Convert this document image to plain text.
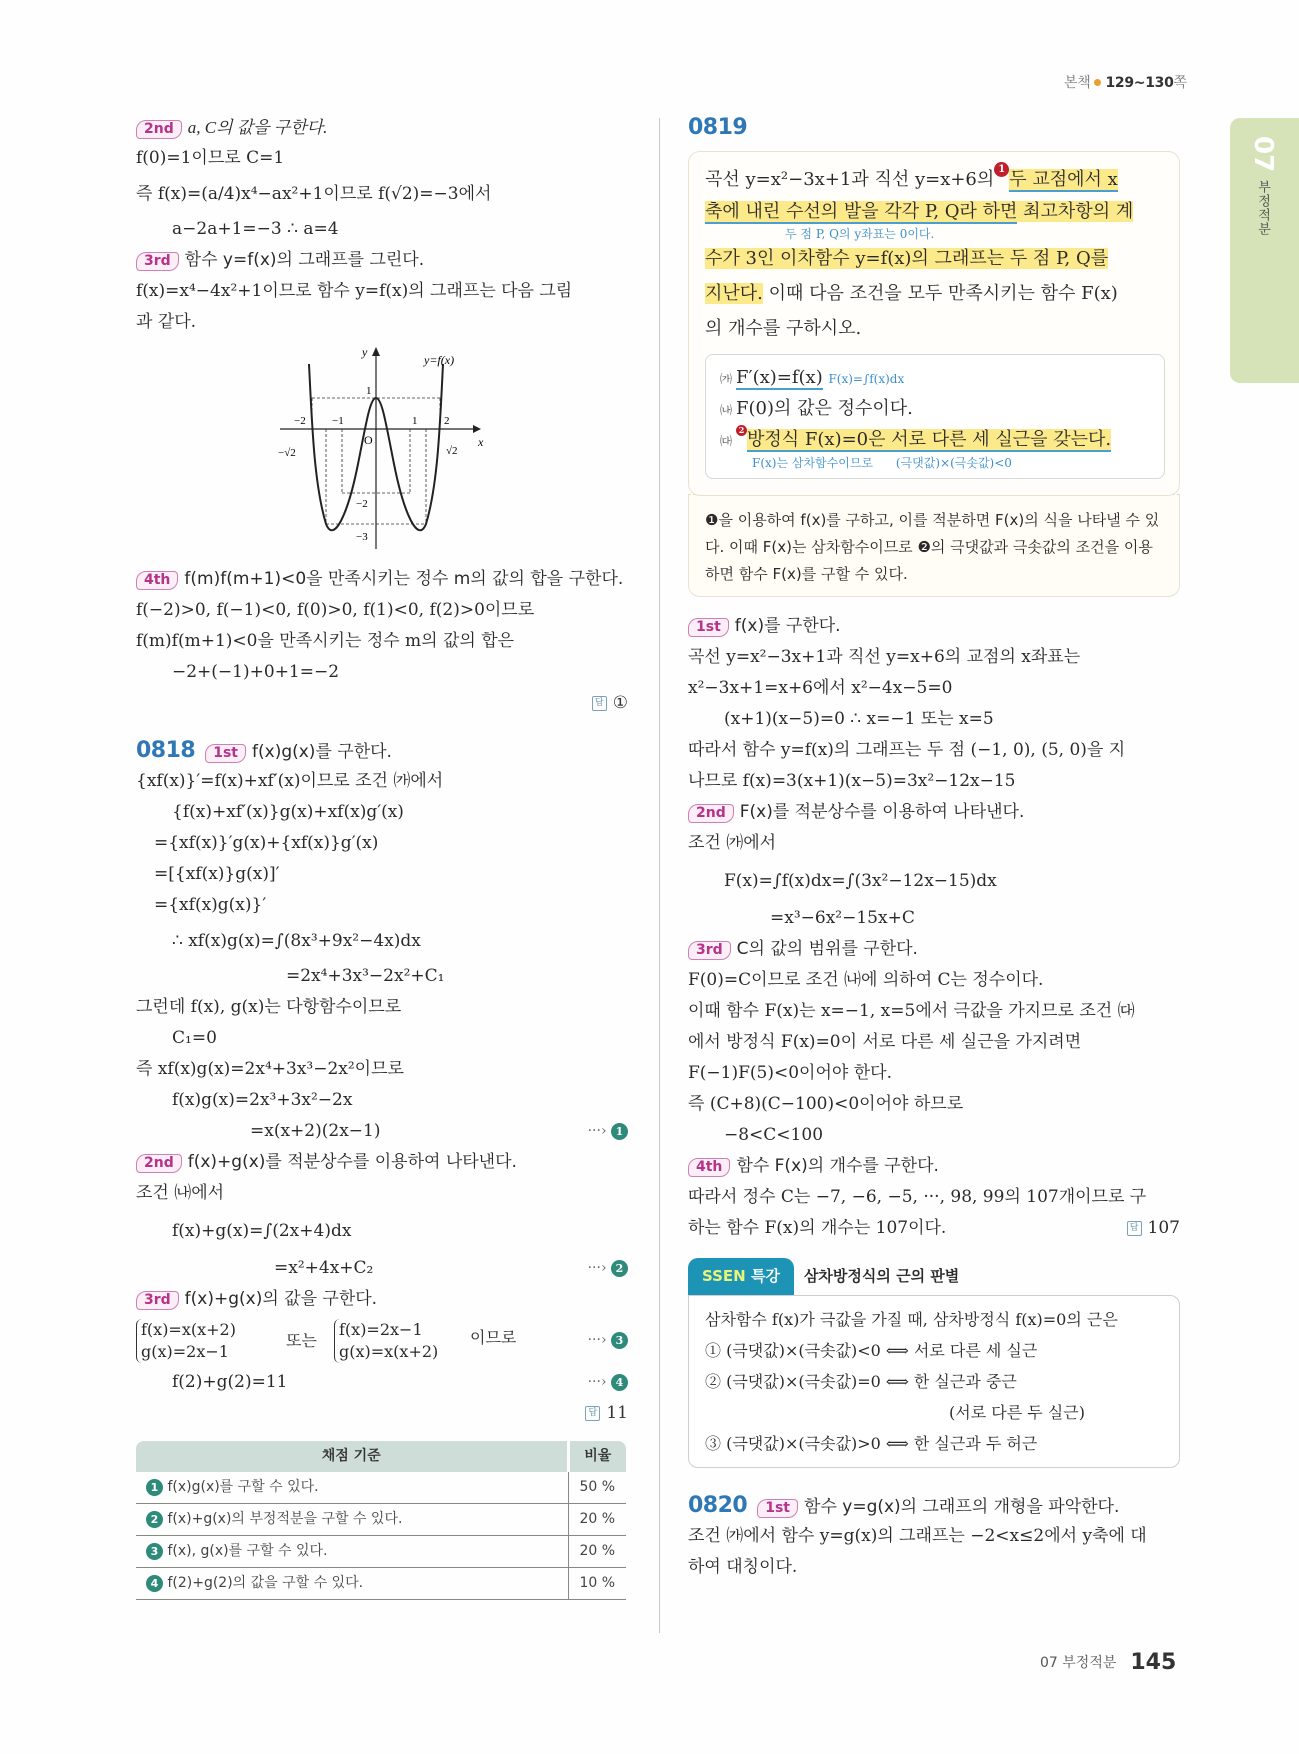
본책 129~130쪽
07
부정적분
2nd a, C의 값을 구한다.
f(0)=1이므로 C=1
즉 f(x)=(a/4)x⁴−ax²+1이므로 f(√2)=−3에서
a−2a+1=−3 ∴ a=4
3rd 함수 y=f(x)의 그래프를 그린다.
f(x)=x⁴−4x²+1이므로 함수 y=f(x)의 그래프는 다음 그림
과 같다.
y
x
y=f(x)
O
1
−2 −1	1 2
−2
−3
−√2	√2
4th f(m)f(m+1)<0을 만족시키는 정수 m의 값의 합을 구한다.
f(−2)>0, f(−1)<0, f(0)>0, f(1)<0, f(2)>0이므로
f(m)f(m+1)<0을 만족시키는 정수 m의 값의 합은
−2+(−1)+0+1=−2
답 ①
0818 1st f(x)g(x)를 구한다.
{xf(x)}′=f(x)+xf′(x)이므로 조건 ㈎에서
{f(x)+xf′(x)}g(x)+xf(x)g′(x)
={xf(x)}′g(x)+{xf(x)}g′(x)
=[{xf(x)}g(x)]′
={xf(x)g(x)}′
∴ xf(x)g(x)=∫(8x³+9x²−4x)dx
=2x⁴+3x³−2x²+C₁
그런데 f(x), g(x)는 다항함수이므로
C₁=0
즉 xf(x)g(x)=2x⁴+3x³−2x²이므로
f(x)g(x)=2x³+3x²−2x
=x(x+2)(2x−1)	···› 1
2nd f(x)+g(x)를 적분상수를 이용하여 나타낸다.
조건 ㈏에서
f(x)+g(x)=∫(2x+4)dx
=x²+4x+C₂	···› 2
3rd f(x)+g(x)의 값을 구한다.
f(x)=x(x+2)
g(x)=2x−1
또는
f(x)=2x−1
g(x)=x(x+2)
이므로	···› 3
f(2)+g(2)=11	···› 4
답 11
채점 기준	비율
1 f(x)g(x)를 구할 수 있다.	50 %
2 f(x)+g(x)의 부정적분을 구할 수 있다.	20 %
3 f(x), g(x)를 구할 수 있다.	20 %
4 f(2)+g(2)의 값을 구할 수 있다.	10 %
0819
곡선 y=x²−3x+1과 직선 y=x+6의 1 두 교점에서 x
축에 내린 수선의 발을 각각 P, Q라 하면 최고차항의 계
두 점 P, Q의 y좌표는 0이다.
수가 3인 이차함수 y=f(x)의 그래프는 두 점 P, Q를
지난다. 이때 다음 조건을 모두 만족시키는 함수 F(x)
의 개수를 구하시오.
㈎ F′(x)=f(x) F(x)=∫f(x)dx
㈏ F(0)의 값은 정수이다.
㈐2 방정식 F(x)=0은 서로 다른 세 실근을 갖는다.
F(x)는 삼차함수이므로 (극댓값)×(극솟값)<0
❶을 이용하여 f(x)를 구하고, 이를 적분하면 F(x)의 식을 나타낼 수 있다. 이때 F(x)는 삼차함수이므로 ❷의 극댓값과 극솟값의 조건을 이용하면 함수 F(x)를 구할 수 있다.
1st f(x)를 구한다.
곡선 y=x²−3x+1과 직선 y=x+6의 교점의 x좌표는
x²−3x+1=x+6에서 x²−4x−5=0
(x+1)(x−5)=0 ∴ x=−1 또는 x=5
따라서 함수 y=f(x)의 그래프는 두 점 (−1, 0), (5, 0)을 지
나므로 f(x)=3(x+1)(x−5)=3x²−12x−15
2nd F(x)를 적분상수를 이용하여 나타낸다.
조건 ㈎에서
F(x)=∫f(x)dx=∫(3x²−12x−15)dx
=x³−6x²−15x+C
3rd C의 값의 범위를 구한다.
F(0)=C이므로 조건 ㈏에 의하여 C는 정수이다.
이때 함수 F(x)는 x=−1, x=5에서 극값을 가지므로 조건 ㈐
에서 방정식 F(x)=0이 서로 다른 세 실근을 가지려면
F(−1)F(5)<0이어야 한다.
즉 (C+8)(C−100)<0이어야 하므로
−8<C<100
4th 함수 F(x)의 개수를 구한다.
따라서 정수 C는 −7, −6, −5, ···, 98, 99의 107개이므로 구
하는 함수 F(x)의 개수는 107이다.	답 107
SSEN 특강 삼차방정식의 근의 판별
삼차함수 f(x)가 극값을 가질 때, 삼차방정식 f(x)=0의 근은
① (극댓값)×(극솟값)<0 ⟺ 서로 다른 세 실근
② (극댓값)×(극솟값)=0 ⟺ 한 실근과 중근
(서로 다른 두 실근)
③ (극댓값)×(극솟값)>0 ⟺ 한 실근과 두 허근
0820 1st 함수 y=g(x)의 그래프의 개형을 파악한다.
조건 ㈎에서 함수 y=g(x)의 그래프는 −2<x≤2에서 y축에 대
하여 대칭이다.
07 부정적분 145
